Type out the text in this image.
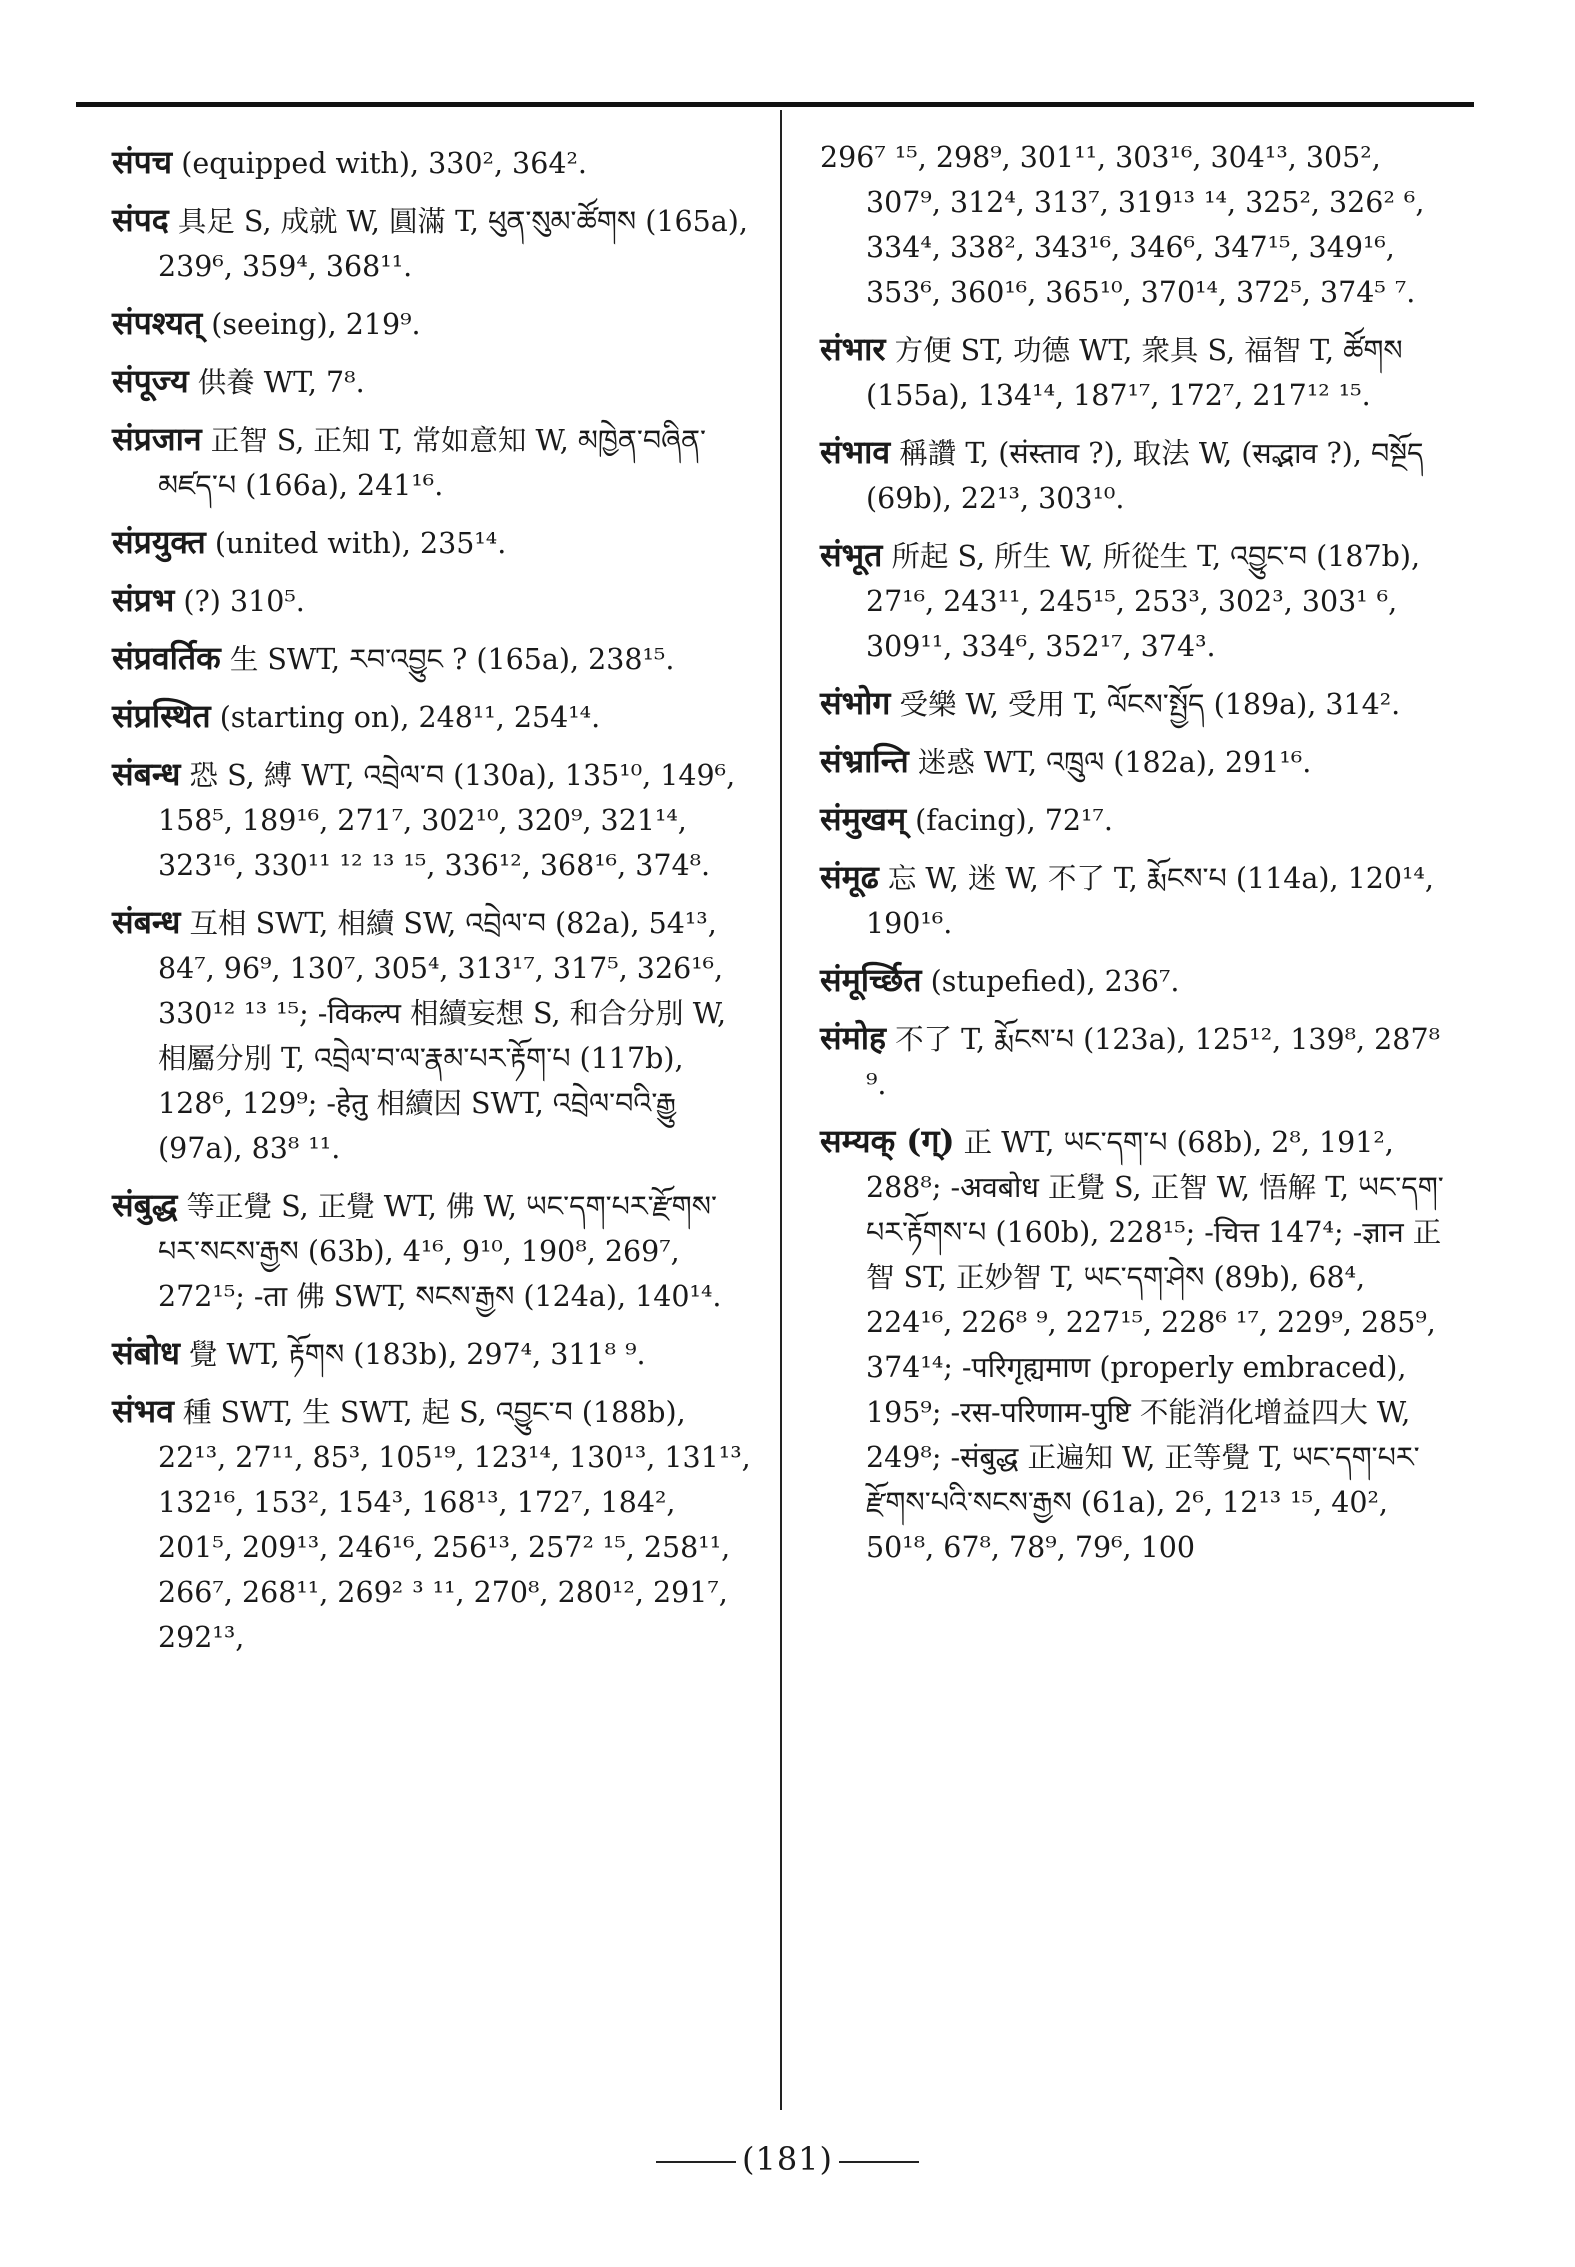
संपच (equipped with), 330², 364².
संपद 具足 S, 成就 W, 圓滿 T, ཕུན་སུམ་ཚོགས (165a), 239⁶, 359⁴, 368¹¹.
संपश्यत् (seeing), 219⁹.
संपूज्य 供養 WT, 7⁸.
संप्रजान 正智 S, 正知 T, 常如意知 W, མཁྱེན་བཞིན་མཛད་པ (166a), 241¹⁶.
संप्रयुक्त (united with), 235¹⁴.
संप्रभ (?) 310⁵.
संप्रवर्तिक 生 SWT, རབ་འབྱུང ? (165a), 238¹⁵.
संप्रस्थित (starting on), 248¹¹, 254¹⁴.
संबन्ध 恐 S, 縛 WT, འབྲེལ་བ (130a), 135¹⁰, 149⁶, 158⁵, 189¹⁶, 271⁷, 302¹⁰, 320⁹, 321¹⁴, 323¹⁶, 330¹¹ ¹² ¹³ ¹⁵, 336¹², 368¹⁶, 374⁸.
संबन्ध 互相 SWT, 相續 SW, འབྲེལ་བ (82a), 54¹³, 84⁷, 96⁹, 130⁷, 305⁴, 313¹⁷, 317⁵, 326¹⁶, 330¹² ¹³ ¹⁵; -विकल्प 相續妄想 S, 和合分別 W, 相屬分別 T, འབྲེལ་བ་ལ་རྣམ་པར་རྟོག་པ (117b), 128⁶, 129⁹; -हेतु 相續因 SWT, འབྲེལ་བའི་རྒྱུ (97a), 83⁸ ¹¹.
संबुद्ध 等正覺 S, 正覺 WT, 佛 W, ཡང་དག་པར་རྫོགས་པར་སངས་རྒྱས (63b), 4¹⁶, 9¹⁰, 190⁸, 269⁷, 272¹⁵; -ता 佛 SWT, སངས་རྒྱས (124a), 140¹⁴.
संबोध 覺 WT, རྟོགས (183b), 297⁴, 311⁸ ⁹.
संभव 種 SWT, 生 SWT, 起 S, འབྱུང་བ (188b), 22¹³, 27¹¹, 85³, 105¹⁹, 123¹⁴, 130¹³, 131¹³, 132¹⁶, 153², 154³, 168¹³, 172⁷, 184², 201⁵, 209¹³, 246¹⁶, 256¹³, 257² ¹⁵, 258¹¹, 266⁷, 268¹¹, 269² ³ ¹¹, 270⁸, 280¹², 291⁷, 292¹³,
296⁷ ¹⁵, 298⁹, 301¹¹, 303¹⁶, 304¹³, 305², 307⁹, 312⁴, 313⁷, 319¹³ ¹⁴, 325², 326² ⁶, 334⁴, 338², 343¹⁶, 346⁶, 347¹⁵, 349¹⁶, 353⁶, 360¹⁶, 365¹⁰, 370¹⁴, 372⁵, 374⁵ ⁷.
संभार 方便 ST, 功德 WT, 衆具 S, 福智 T, ཚོགས (155a), 134¹⁴, 187¹⁷, 172⁷, 217¹² ¹⁵.
संभाव 稱讚 T, (संस्ताव ?), 取法 W, (सद्भाव ?), བསྔོད (69b), 22¹³, 303¹⁰.
संभूत 所起 S, 所生 W, 所從生 T, འབྱུང་བ (187b), 27¹⁶, 243¹¹, 245¹⁵, 253³, 302³, 303¹ ⁶, 309¹¹, 334⁶, 352¹⁷, 374³.
संभोग 受樂 W, 受用 T, ལོངས་སྤྱོད (189a), 314².
संभ्रान्ति 迷惑 WT, འཁྲུལ (182a), 291¹⁶.
संमुखम् (facing), 72¹⁷.
संमूढ 忘 W, 迷 W, 不了 T, རྨོངས་པ (114a), 120¹⁴, 190¹⁶.
संमूर्च्छित (stupefied), 236⁷.
संमोह 不了 T, རྨོངས་པ (123a), 125¹², 139⁸, 287⁸ ⁹.
सम्यक् (ग्) 正 WT, ཡང་དག་པ (68b), 2⁸, 191², 288⁸; -अवबोध 正覺 S, 正智 W, 悟解 T, ཡང་དག་པར་རྟོགས་པ (160b), 228¹⁵; -चित्त 147⁴; -ज्ञान 正智 ST, 正妙智 T, ཡང་དག་ཤེས (89b), 68⁴, 224¹⁶, 226⁸ ⁹, 227¹⁵, 228⁶ ¹⁷, 229⁹, 285⁹, 374¹⁴; -परिगृह्यमाण (properly embraced), 195⁹; -रस-परिणाम-पुष्टि 不能消化增益四大 W, 249⁸; -संबुद्ध 正遍知 W, 正等覺 T, ཡང་དག་པར་རྫོགས་པའི་སངས་རྒྱས (61a), 2⁶, 12¹³ ¹⁵, 40², 50¹⁸, 67⁸, 78⁹, 79⁶, 100
(181)
